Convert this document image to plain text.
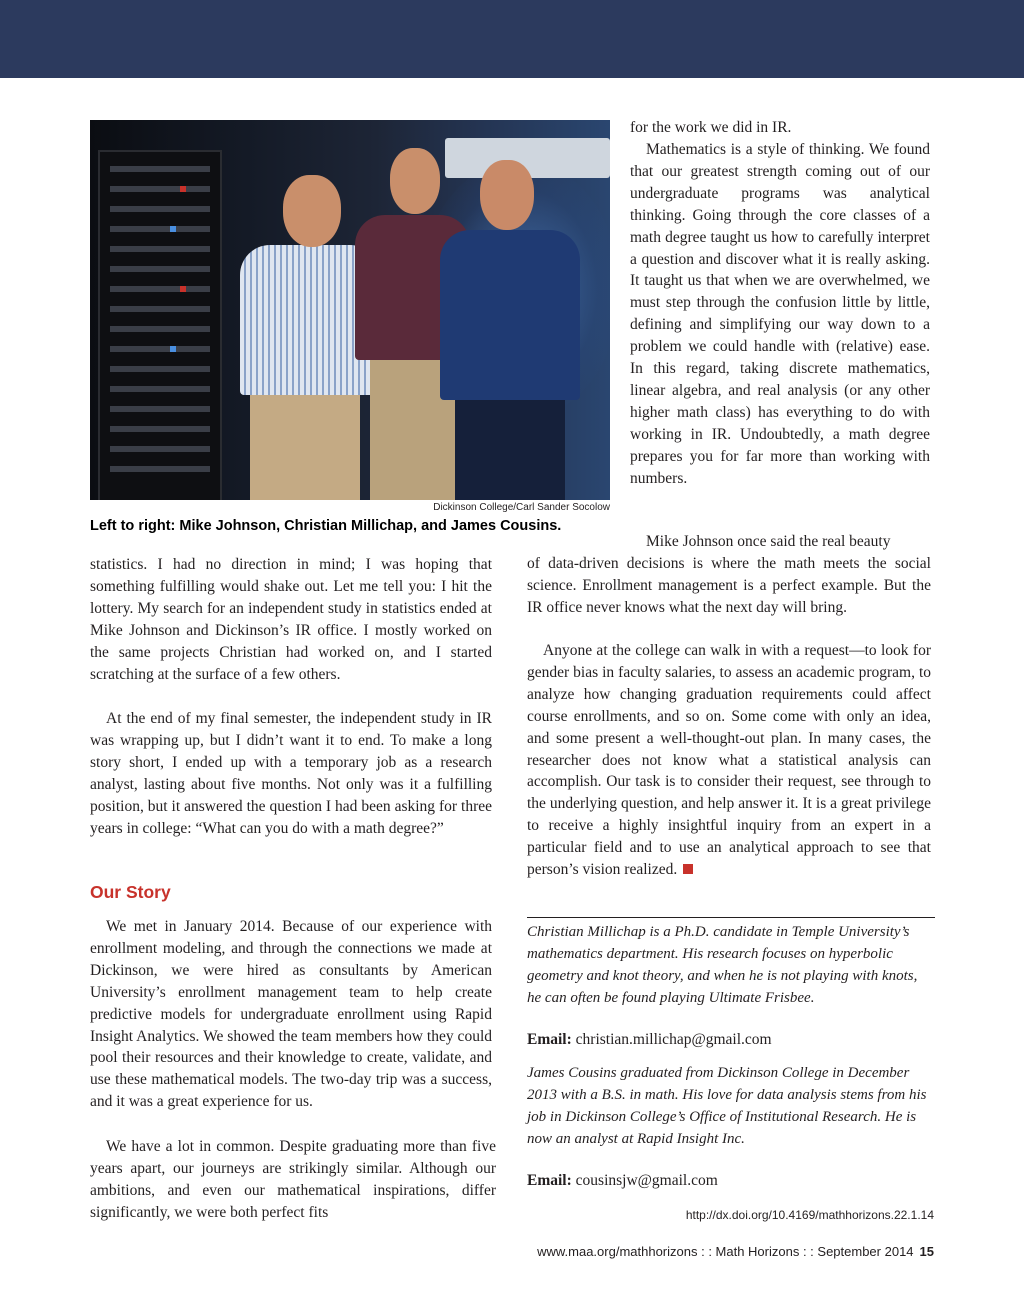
Dickinson College/Carl Sander Socolow
Left to right: Mike Johnson, Christian Millichap, and James Cousins.

statistics. I had no direction in mind; I was hoping that something fulfilling would shake out. Let me tell you: I hit the lottery. My search for an independent study in statistics ended at Mike Johnson and Dickinson’s IR office. I mostly worked on the same projects Christian had worked on, and I started scratching at the surface of a few others.

At the end of my final semester, the independent study in IR was wrapping up, but I didn’t want it to end. To make a long story short, I ended up with a temporary job as a research analyst, lasting about five months. Not only was it a fulfilling position, but it answered the question I had been asking for three years in college: “What can you do with a math degree?”

Our Story

We met in January 2014. Because of our experience with enrollment modeling, and through the connections we made at Dickinson, we were hired as consultants by American University’s enrollment management team to help create predictive models for undergraduate enrollment using Rapid Insight Analytics. We showed the team members how they could pool their resources and their knowledge to create, validate, and use these mathematical models. The two-day trip was a success, and it was a great experience for us.

We have a lot in common. Despite graduating more than five years apart, our journeys are strikingly similar. Although our ambitions, and even our mathematical inspirations, differ significantly, we were both perfect fits

for the work we did in IR.

Mathematics is a style of thinking. We found that our greatest strength coming out of our undergraduate programs was analytical thinking. Going through the core classes of a math degree taught us how to carefully interpret a question and discover what it is really asking. It taught us that when we are overwhelmed, we must step through the confusion little by little, defining and simplifying our way down to a problem we could handle with (relative) ease. In this regard, taking discrete mathematics, linear algebra, and real analysis (or any other higher math class) has everything to do with working in IR. Undoubtedly, a math degree prepares you for far more than working with numbers.

Mike Johnson once said the real beauty

of data-driven decisions is where the math meets the social science. Enrollment management is a perfect example. But the IR office never knows what the next day will bring.

Anyone at the college can walk in with a request—to look for gender bias in faculty salaries, to assess an academic program, to analyze how changing graduation requirements could affect course enrollments, and so on. Some come with only an idea, and some present a well-thought-out plan. In many cases, the researcher does not know what a statistical analysis can accomplish. Our task is to consider their request, see through to the underlying question, and help answer it. It is a great privilege to receive a highly insightful inquiry from an expert in a particular field and to use an analytical approach to see that person’s vision realized.

Christian Millichap is a Ph.D. candidate in Temple University’s mathematics department. His research focuses on hyperbolic geometry and knot theory, and when he is not playing with knots, he can often be found playing Ultimate Frisbee.

Email: christian.millichap@gmail.com

James Cousins graduated from Dickinson College in December 2013 with a B.S. in math. His love for data analysis stems from his job in Dickinson College’s Office of Institutional Research. He is now an analyst at Rapid Insight Inc.

Email: cousinsjw@gmail.com
http://dx.doi.org/10.4169/mathhorizons.22.1.14
www.maa.org/mathhorizons : : Math Horizons : : September 2014 15
